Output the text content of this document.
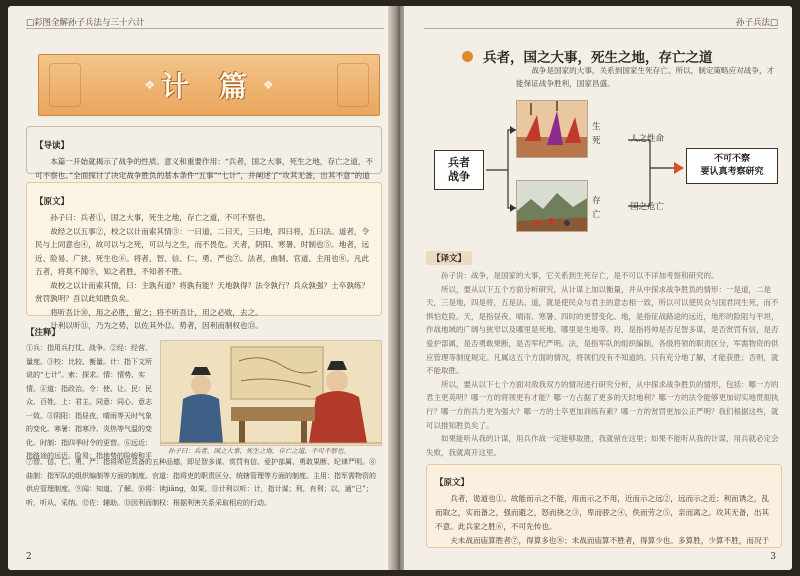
□彩图全解孙子兵法与三十六计
❖ 计 篇 ❖
【导读】

本篇一开始就揭示了战争的性质、意义和重要作用：“兵者，国之大事，死生之地，存亡之道，不可不察也。”全面探讨了决定战争胜负的基本条件“五事”“七计”，并阐述了“攻其无备，出其不意”的道

【原文】

孙子曰：兵者①，国之大事，死生之地，存亡之道，不可不察也。

故经之以五事②，校之以计而索其情③：一曰道，二曰天，三曰地，四曰将，五曰法。道者，令民与上同意也④，故可以与之死，可以与之生，而不畏危。天者，阴阳、寒暑、时制也⑤。地者，远近、险易、广狭、死生也⑥。将者，智、信、仁、勇、严也⑦。法者，曲制、官道、主用也⑧。凡此五者，将莫不闻⑨，知之者胜，不知者不胜。

故校之以计而索其情，曰：主孰有道？将孰有能？天地孰得？法令孰行？兵众孰强？士卒孰练？赏罚孰明？吾以此知胜负矣。

将听吾计⑩，用之必胜，留之；将不听吾计，用之必败，去之。

计利以听⑪，乃为之势，以佐其外⑫。势者，因利而制权也⑬。

【注释】

①兵：指用兵打仗、战争。②经：经营、量度。③校：比较、衡量。计：指下文所说的“七计”。索：探求。情：情势、实情。④道：指政治。令：使、让。民：民众、百姓。上：君主。同意：同心、意志一致。⑤阴阳：指昼夜、晴雨等天时气象的变化。寒暑：指寒冷、炎热等气温的变化。时制：指四季时令的更替。⑥远近：指路途的远近。险易：指地势的险峻和平

孙子曰：兵者，国之大事，死生之地，存亡之道，不可不察也。

⑦智、信、仁、勇、严：指将帅应具备的五种品德，即足智多谋、赏罚有信、爱护部属、勇敢果断、纪律严明。⑧曲制：指军队的组织编制等方面的制度。官道：指将吏的职责区分、统辖管理等方面的制度。主用：指军需物资的供应管理制度。⑨闻：知道、了解。⑩将：读jiāng，如果。⑪计利以听：计，指计谋；利，有利；以，通“已”；听，听从、采纳。⑫佐：辅助。⑬因利而制权：根据利害关系采取相应的行动。

2
孙子兵法□
兵者，国之大事，死生之地，存亡之道

战争是国家的大事，关系到国家生死存亡。所以，制定策略应对战争，才能保证战争胜利，国家昌盛。

兵者
战争
生
死	人之性命
存
亡
国之危亡
不可不察
要认真考察研究
【译文】

孙子说：战争，是国家的大事，它关系到生死存亡，是不可以不详加考察和研究的。

所以，要从以下五个方面分析研究，从计谋上加以衡量，并从中探求战争胜负的情形：一是道，二是天，三是地，四是将，五是法。道，就是使民众与君主的意志相一致，所以可以使民众与国君同生死，而不惧怕危险。天，是指昼夜、晴雨、寒暑、四时的更替变化。地，是指征战路途的远近，地形的险阻与平坦，作战地域的广阔与狭窄以及哪里是死地、哪里是生地等。将，是指将帅是否足智多谋，是否赏罚有信，是否爱护部属，是否勇敢果断，是否军纪严明。法，是指军队的组织编制，各级将领的职责区分，军需物资的供应管理等制度规定。凡属这五个方面的情况，将领们没有不知道的。只有充分地了解，才能获胜；否则，就不能取胜。

所以，要从以下七个方面对敌我双方的情况进行研究分析，从中探求战争胜负的情形，包括：哪一方的君主更英明？哪一方的将领更有才能？哪一方占据了更多的天时地利？哪一方的法令能够更加切实地贯彻执行？哪一方的兵力更为强大？哪一方的士卒更加训练有素？哪一方的赏罚更加公正严明？我们根据这些，就可以推知胜负矣了。

如果能听从我的计谋，用兵作战一定能够取胜，我就留在这里；如果不能听从我的计谋，用兵就必定会失败，我就离开这里。

【原文】

兵者，诡道也①。故能而示之不能，用而示之不用，近而示之远②，远而示之近；利而诱之，乱而取之，实而备之，强而避之，怒而挠之③，卑而骄之④，佚而劳之⑤，亲而离之。攻其无备，出其不意。此兵家之胜⑥，不可先传也。

夫未战而庙算胜者⑦，得算多也⑧；未战而庙算不胜者，得算少也。多算胜，少算不胜，而况于

3
